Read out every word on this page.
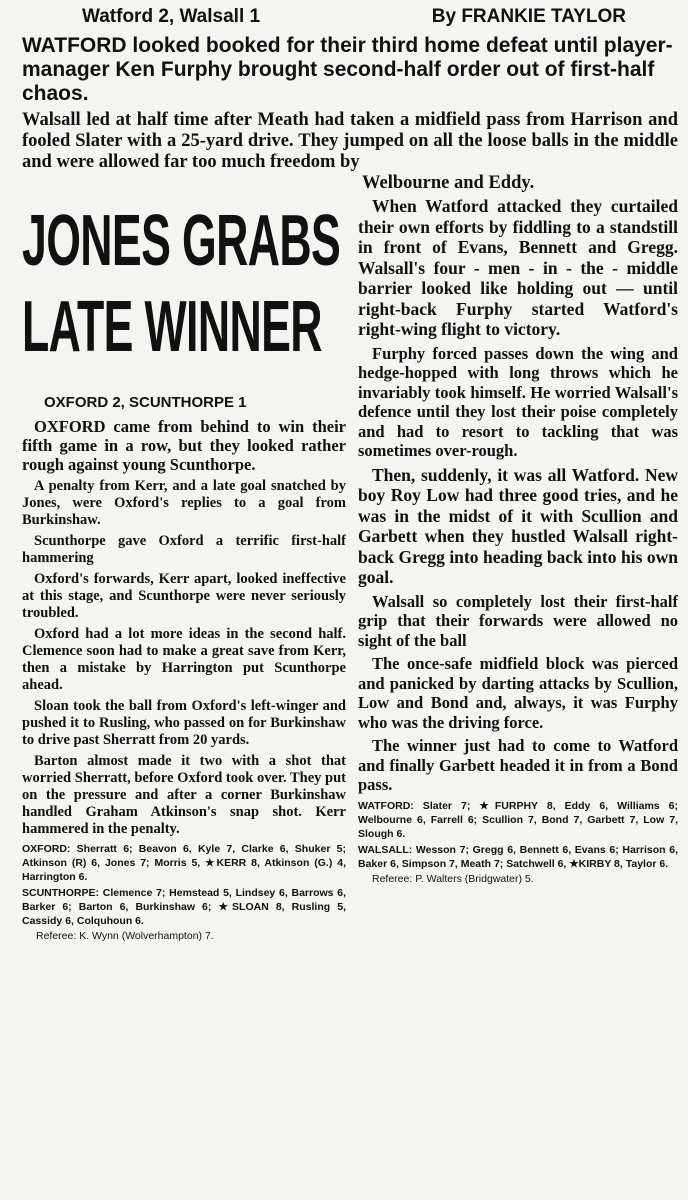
Watford 2, Walsall 1	By FRANKIE TAYLOR
WATFORD looked booked for their third home defeat until player-manager Ken Furphy brought second-half order out of first-half chaos.
Walsall led at half time after Meath had taken a midfield pass from Harrison and fooled Slater with a 25-yard drive. They jumped on all the loose balls in the middle and were allowed far too much freedom by
Welbourne and Eddy.
JONES GRABS
LATE WINNER
OXFORD 2, SCUNTHORPE 1

OXFORD came from behind to win their fifth game in a row, but they looked rather rough against young Scunthorpe.

A penalty from Kerr, and a late goal snatched by Jones, were Oxford's replies to a goal from Burkinshaw.

Scunthorpe gave Oxford a terrific first-half hammering

Oxford's forwards, Kerr apart, looked ineffective at this stage, and Scunthorpe were never seriously troubled.

Oxford had a lot more ideas in the second half. Clemence soon had to make a great save from Kerr, then a mistake by Harrington put Scunthorpe ahead.

Sloan took the ball from Oxford's left-winger and pushed it to Rusling, who passed on for Burkinshaw to drive past Sherratt from 20 yards.

Barton almost made it two with a shot that worried Sherratt, before Oxford took over. They put on the pressure and after a corner Burkinshaw handled Graham Atkinson's snap shot. Kerr hammered in the penalty.

OXFORD: Sherratt 6; Beavon 6, Kyle 7, Clarke 6, Shuker 5; Atkinson (R) 6, Jones 7; Morris 5, ★KERR 8, Atkinson (G.) 4, Harrington 6.
SCUNTHORPE: Clemence 7; Hemstead 5, Lindsey 6, Barrows 6, Barker 6; Barton 6, Burkinshaw 6; ★SLOAN 8, Rusling 5, Cassidy 6, Colquhoun 6.
Referee: K. Wynn (Wolverhampton) 7.

When Watford attacked they curtailed their own efforts by fiddling to a standstill in front of Evans, Bennett and Gregg. Walsall's four - men - in - the - middle barrier looked like holding out — until right-back Furphy started Watford's right-wing flight to victory.

Furphy forced passes down the wing and hedge-hopped with long throws which he invariably took himself. He worried Walsall's defence until they lost their poise completely and had to resort to tackling that was sometimes over-rough.

Then, suddenly, it was all Watford. New boy Roy Low had three good tries, and he was in the midst of it with Scullion and Garbett when they hustled Walsall right-back Gregg into heading back into his own goal.

Walsall so completely lost their first-half grip that their forwards were allowed no sight of the ball

The once-safe midfield block was pierced and panicked by darting attacks by Scullion, Low and Bond and, always, it was Furphy who was the driving force.

The winner just had to come to Watford and finally Garbett headed it in from a Bond pass.

WATFORD: Slater 7; ★FURPHY 8, Eddy 6, Williams 6; Welbourne 6, Farrell 6; Scullion 7, Bond 7, Garbett 7, Low 7, Slough 6.
WALSALL: Wesson 7; Gregg 6, Bennett 6, Evans 6; Harrison 6, Baker 6, Simpson 7, Meath 7; Satchwell 6, ★KIRBY 8, Taylor 6.
Referee: P. Walters (Bridgwater) 5.
